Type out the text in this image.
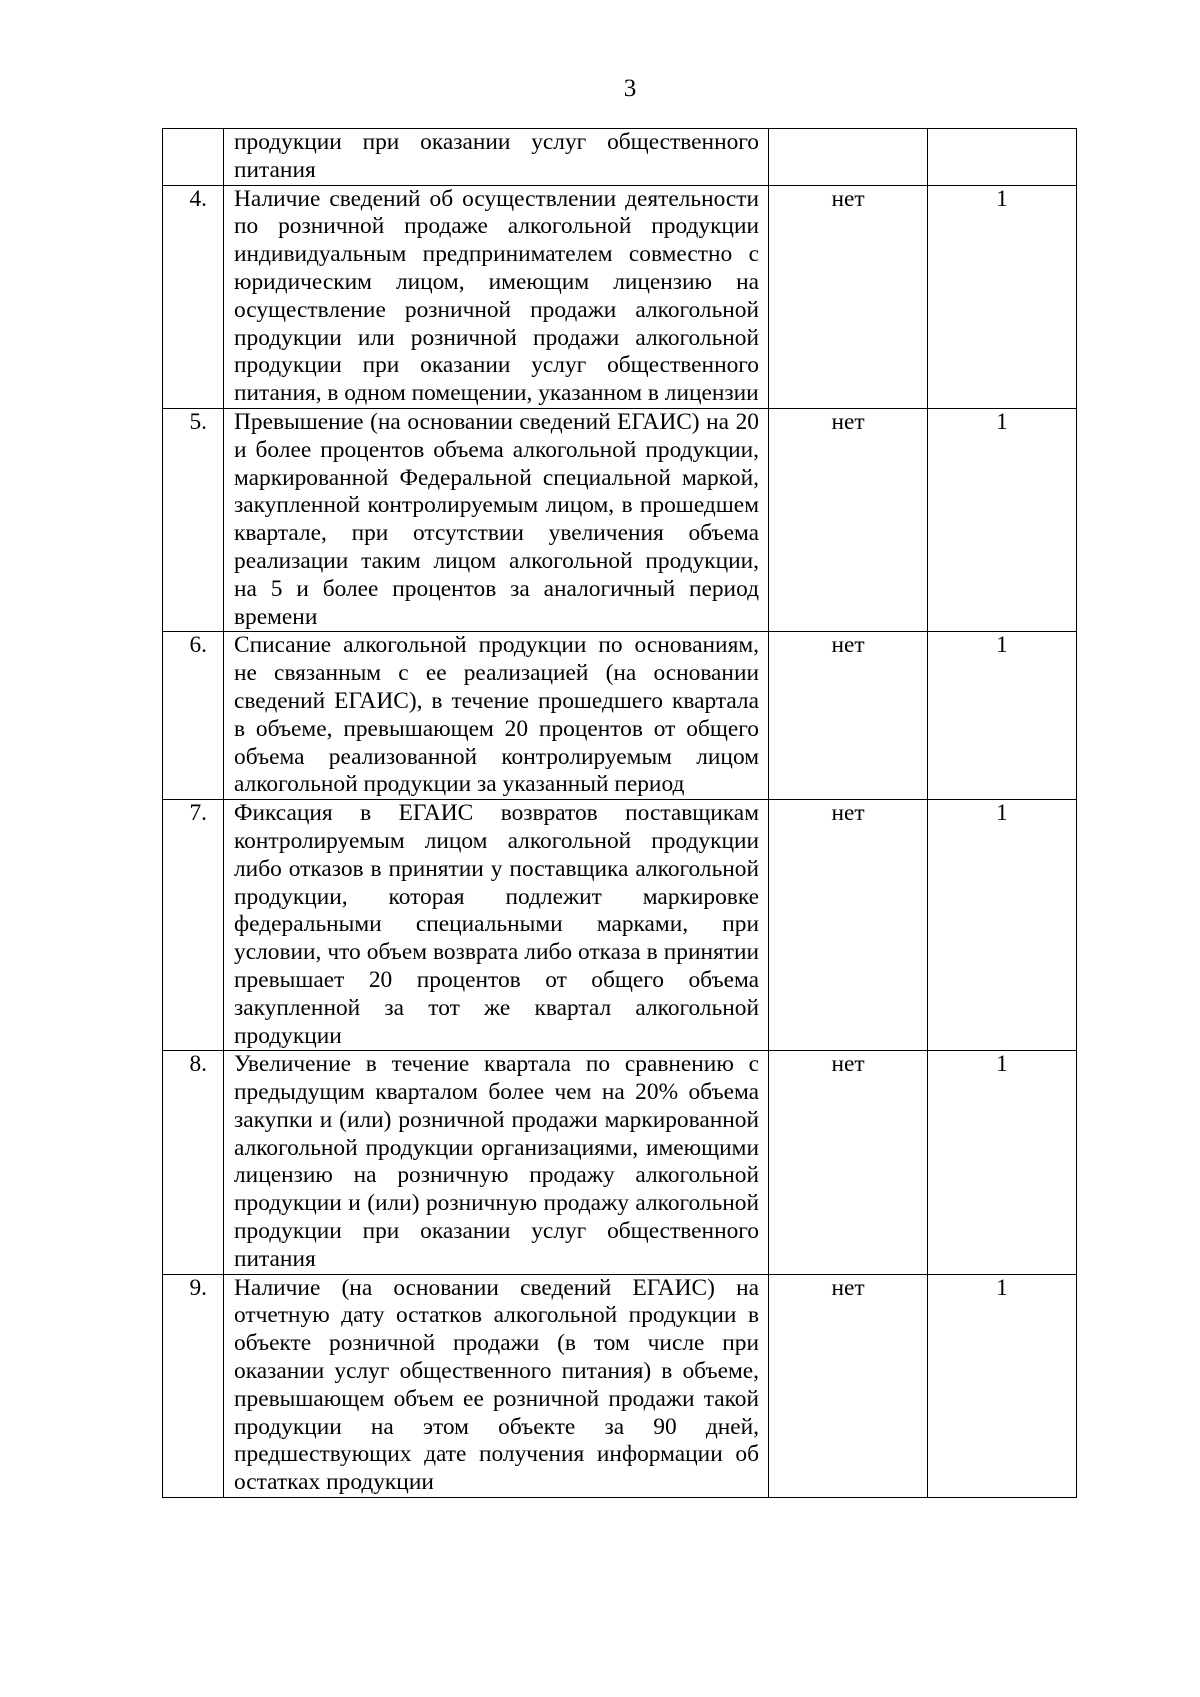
3
	продукции при оказании услуг общественного питания		
4.	Наличие сведений об осуществлении деятельности по розничной продаже алкогольной продукции индивидуальным предпринимателем совместно с юридическим лицом, имеющим лицензию на осуществление розничной продажи алкогольной продукции или розничной продажи алкогольной продукции при оказании услуг общественного питания, в одном помещении, указанном в лицензии	нет	1
5.	Превышение (на основании сведений ЕГАИС) на 20 и более процентов объема алкогольной продукции, маркированной Федеральной специальной маркой, закупленной контролируемым лицом, в прошедшем квартале, при отсутствии увеличения объема реализации таким лицом алкогольной продукции, на 5 и более процентов за аналогичный период времени	нет	1
6.	Списание алкогольной продукции по основаниям, не связанным с ее реализацией (на основании сведений ЕГАИС), в течение прошедшего квартала в объеме, превышающем 20 процентов от общего объема реализованной контролируемым лицом алкогольной продукции за указанный период	нет	1
7.	Фиксация в ЕГАИС возвратов поставщикам контролируемым лицом алкогольной продукции либо отказов в принятии у поставщика алкогольной продукции, которая подлежит маркировке федеральными специальными марками, при условии, что объем возврата либо отказа в принятии превышает 20 процентов от общего объема закупленной за тот же квартал алкогольной продукции	нет	1
8.	Увеличение в течение квартала по сравнению с предыдущим кварталом более чем на 20% объема закупки и (или) розничной продажи маркированной алкогольной продукции организациями, имеющими лицензию на розничную продажу алкогольной продукции и (или) розничную продажу алкогольной продукции при оказании услуг общественного питания	нет	1
9.	Наличие (на основании сведений ЕГАИС) на отчетную дату остатков алкогольной продукции в объекте розничной продажи (в том числе при оказании услуг общественного питания) в объеме, превышающем объем ее розничной продажи такой продукции на этом объекте за 90 дней, предшествующих дате получения информации об остатках продукции	нет	1
